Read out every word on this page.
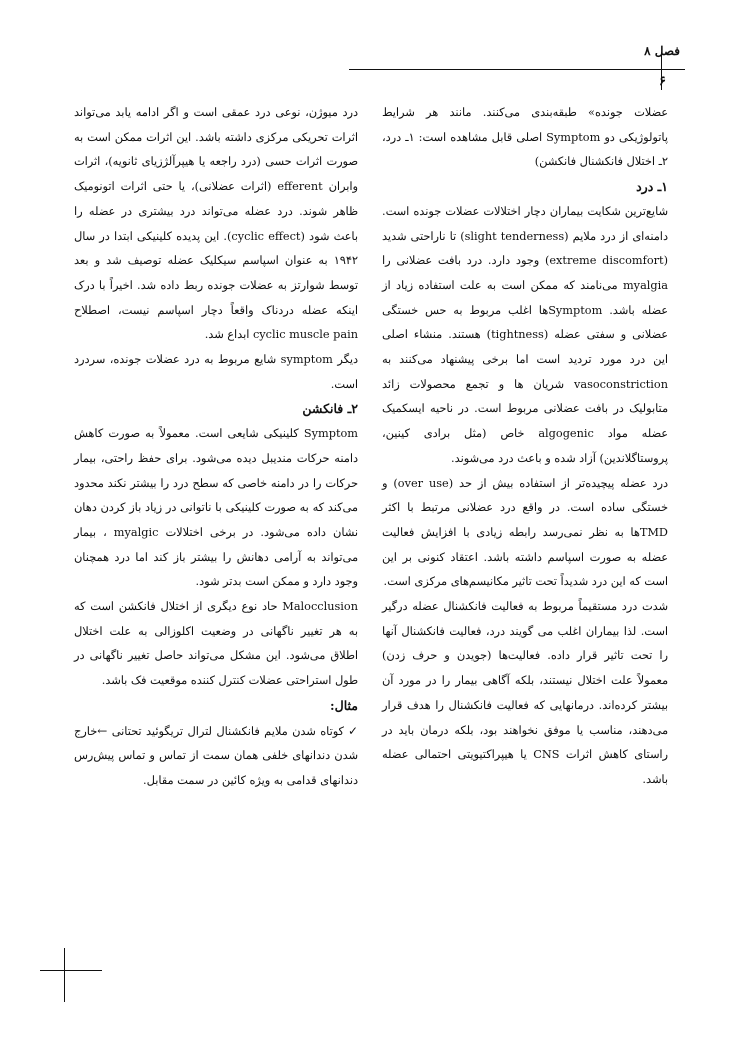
فصل ۸
۶

عضلات جونده» طبقه‌بندی می‌کنند. مانند هر شرایط پاتولوژیکی دو Symptom اصلی قابل مشاهده است: ۱ـ درد، ۲ـ اختلال فانکشنال فانکشن)

۱ـ درد

شایع‌ترین شکایت بیماران دچار اختلالات عضلات جونده است. دامنه‌ای از درد ملایم (slight tenderness) تا ناراحتی شدید (extreme discomfort) وجود دارد. درد بافت عضلانی را myalgia می‌نامند که ممکن است به علت استفاده زیاد از عضله باشد. Symptomها اغلب مربوط به حس خستگی عضلانی و سفتی عضله (tightness) هستند. منشاء اصلی این درد مورد تردید است اما برخی پیشنهاد می‌کنند به vasoconstriction شریان ها و تجمع محصولات زائد متابولیک در بافت عضلانی مربوط است. در ناحیه ایسکمیک عضله مواد algogenic خاص (مثل برادی کینین، پروستاگلاندین) آزاد شده و باعث درد می‌شوند.

درد عضله پیچیده‌تر از استفاده بیش از حد (over use) و خستگی ساده است. در واقع درد عضلانی مرتبط با اکثر TMDها به نظر نمی‌رسد رابطه زیادی با افزایش فعالیت عضله به صورت اسپاسم داشته باشد. اعتقاد کنونی بر این است که این درد شدیداً تحت تاثیر مکانیسم‌های مرکزی است.

شدت درد مستقیماً مربوط به فعالیت فانکشنال عضله درگیر است. لذا بیماران اغلب می گویند درد، فعالیت فانکشنال آنها را تحت تاثیر قرار داده. فعالیت‌ها (جویدن و حرف زدن) معمولاً علت اختلال نیستند، بلکه آگاهی بیمار را در مورد آن بیشتر کرده‌اند. درمانهایی که فعالیت فانکشنال را هدف قرار می‌دهند، مناسب یا موفق نخواهند بود، بلکه درمان باید در راستای کاهش اثرات CNS یا هیپراکتیویتی احتمالی عضله باشد.

درد میوژن، نوعی درد عمقی است و اگر ادامه یابد می‌تواند اثرات تحریکی مرکزی داشته باشد. این اثرات ممکن است به صورت اثرات حسی (درد راجعه یا هیپرآلژزیای ثانویه)، اثرات وابران efferent (اثرات عضلانی)، یا حتی اثرات اتونومیک ظاهر شوند. درد عضله می‌تواند درد بیشتری در عضله را باعث شود (cyclic effect). این پدیده کلینیکی ابتدا در سال ۱۹۴۲ به عنوان اسپاسم سیکلیک عضله توصیف شد و بعد توسط شوارتز به عضلات جونده ربط داده شد. اخیراً با درک اینکه عضله دردناک واقعاً دچار اسپاسم نیست، اصطلاح cyclic muscle pain ابداع شد.

دیگر symptom شایع مربوط به درد عضلات جونده، سردرد است.

۲ـ فانکشن

Symptom کلینیکی شایعی است. معمولاً به صورت کاهش دامنه حرکات مندیبل دیده می‌شود. برای حفظ راحتی، بیمار حرکات را در دامنه خاصی که سطح درد را بیشتر نکند محدود می‌کند که به صورت کلینیکی با ناتوانی در زیاد باز کردن دهان نشان داده می‌شود. در برخی اختلالات myalgic ، بیمار می‌تواند به آرامی دهانش را بیشتر باز کند اما درد همچنان وجود دارد و ممکن است بدتر شود.

Malocclusion حاد نوع دیگری از اختلال فانکشن است که به هر تغییر ناگهانی در وضعیت اکلوزالی به علت اختلال اطلاق می‌شود. این مشکل می‌تواند حاصل تغییر ناگهانی در طول استراحتی عضلات کنترل کننده موقعیت فک باشد.

مثال:

✓کوتاه شدن ملایم فانکشنال لترال تریگوئید تحتانی ←خارج شدن دندانهای خلفی همان سمت از تماس و تماس پیش‌رس دندانهای قدامی به ویژه کائین در سمت مقابل.
